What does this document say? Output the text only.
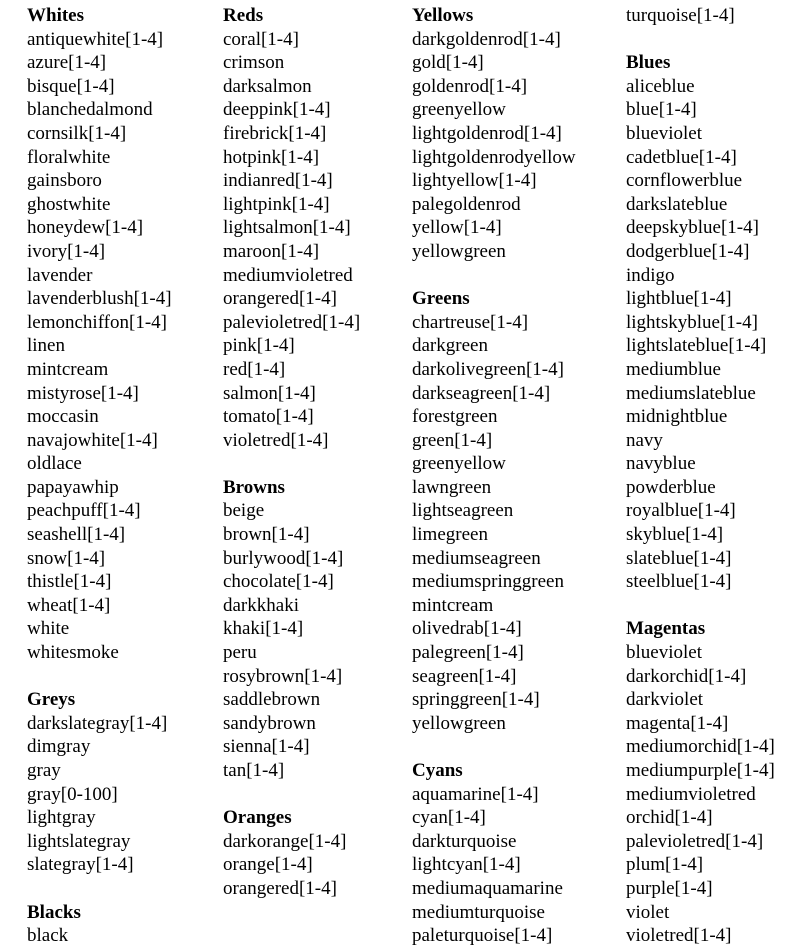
Whites
antiquewhite[1-4]
azure[1-4]
bisque[1-4]
blanchedalmond
cornsilk[1-4]
floralwhite
gainsboro
ghostwhite
honeydew[1-4]
ivory[1-4]
lavender
lavenderblush[1-4]
lemonchiffon[1-4]
linen
mintcream
mistyrose[1-4]
moccasin
navajowhite[1-4]
oldlace
papayawhip
peachpuff[1-4]
seashell[1-4]
snow[1-4]
thistle[1-4]
wheat[1-4]
white
whitesmoke
Greys
darkslategray[1-4]
dimgray
gray
gray[0-100]
lightgray
lightslategray
slategray[1-4]
Blacks
black
Reds
coral[1-4]
crimson
darksalmon
deeppink[1-4]
firebrick[1-4]
hotpink[1-4]
indianred[1-4]
lightpink[1-4]
lightsalmon[1-4]
maroon[1-4]
mediumvioletred
orangered[1-4]
palevioletred[1-4]
pink[1-4]
red[1-4]
salmon[1-4]
tomato[1-4]
violetred[1-4]
Browns
beige
brown[1-4]
burlywood[1-4]
chocolate[1-4]
darkkhaki
khaki[1-4]
peru
rosybrown[1-4]
saddlebrown
sandybrown
sienna[1-4]
tan[1-4]
Oranges
darkorange[1-4]
orange[1-4]
orangered[1-4]
Yellows
darkgoldenrod[1-4]
gold[1-4]
goldenrod[1-4]
greenyellow
lightgoldenrod[1-4]
lightgoldenrodyellow
lightyellow[1-4]
palegoldenrod
yellow[1-4]
yellowgreen
Greens
chartreuse[1-4]
darkgreen
darkolivegreen[1-4]
darkseagreen[1-4]
forestgreen
green[1-4]
greenyellow
lawngreen
lightseagreen
limegreen
mediumseagreen
mediumspringgreen
mintcream
olivedrab[1-4]
palegreen[1-4]
seagreen[1-4]
springgreen[1-4]
yellowgreen
Cyans
aquamarine[1-4]
cyan[1-4]
darkturquoise
lightcyan[1-4]
mediumaquamarine
mediumturquoise
paleturquoise[1-4]
turquoise[1-4]
Blues
aliceblue
blue[1-4]
blueviolet
cadetblue[1-4]
cornflowerblue
darkslateblue
deepskyblue[1-4]
dodgerblue[1-4]
indigo
lightblue[1-4]
lightskyblue[1-4]
lightslateblue[1-4]
mediumblue
mediumslateblue
midnightblue
navy
navyblue
powderblue
royalblue[1-4]
skyblue[1-4]
slateblue[1-4]
steelblue[1-4]
Magentas
blueviolet
darkorchid[1-4]
darkviolet
magenta[1-4]
mediumorchid[1-4]
mediumpurple[1-4]
mediumvioletred
orchid[1-4]
palevioletred[1-4]
plum[1-4]
purple[1-4]
violet
violetred[1-4]
